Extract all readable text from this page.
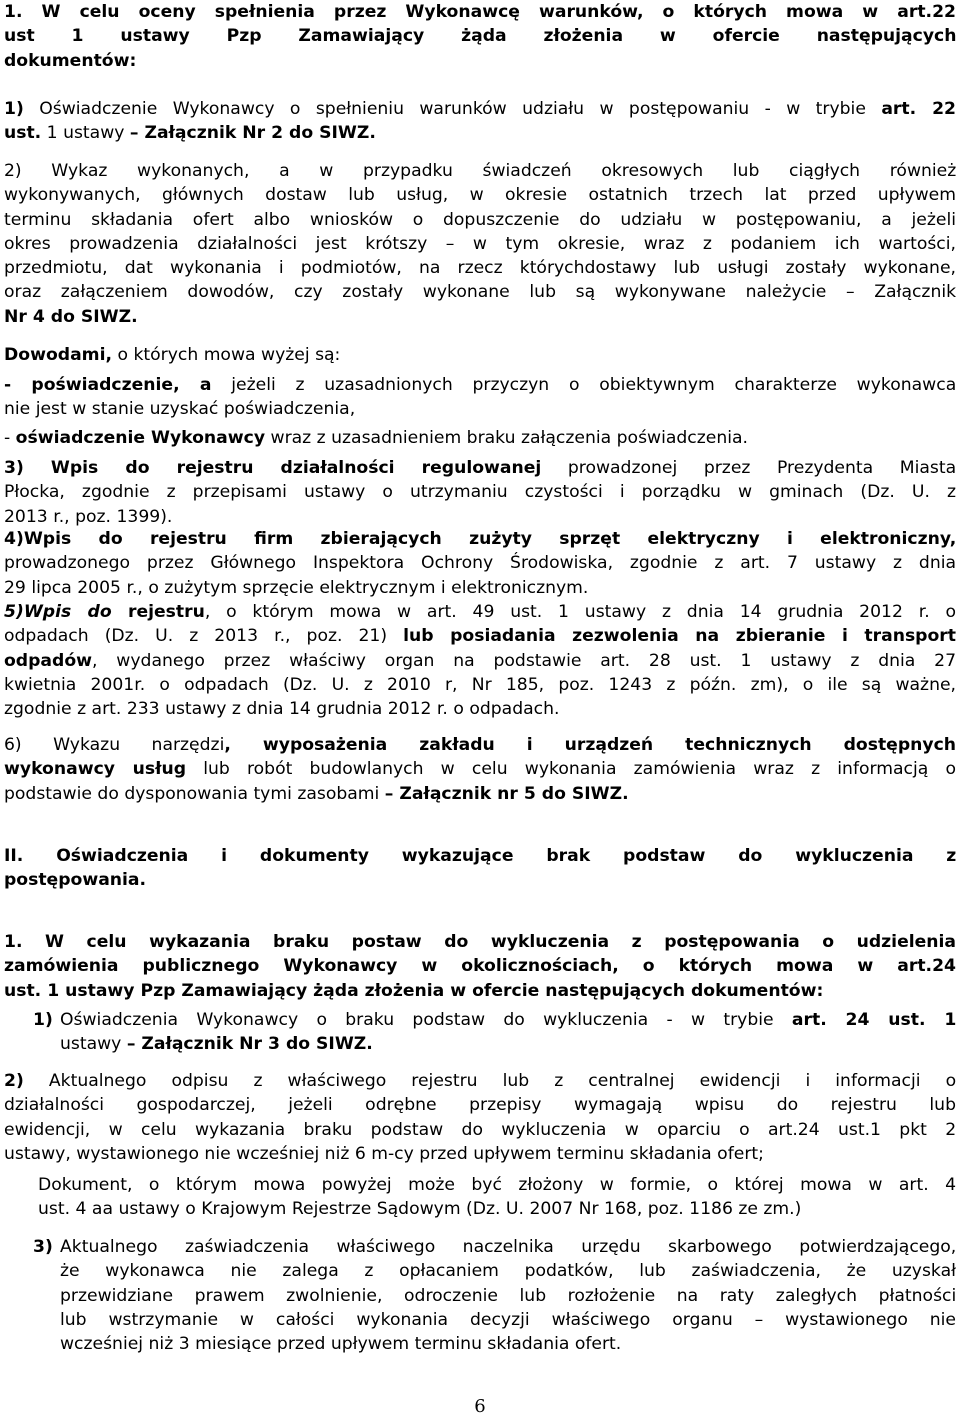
1. W celu oceny spełnienia przez Wykonawcę warunków, o których mowa w art.22
ust 1 ustawy Pzp Zamawiający żąda złożenia w ofercie następujących
dokumentów:
1) Oświadczenie Wykonawcy o spełnieniu warunków udziału w postępowaniu - w trybie art. 22
ust. 1 ustawy – Załącznik Nr 2 do SIWZ.
2) Wykaz wykonanych, a w przypadku świadczeń okresowych lub ciągłych również
wykonywanych, głównych dostaw lub usług, w okresie ostatnich trzech lat przed upływem
terminu składania ofert albo wniosków o dopuszczenie do udziału w postępowaniu, a jeżeli
okres prowadzenia działalności jest krótszy – w tym okresie, wraz z podaniem ich wartości,
przedmiotu, dat wykonania i podmiotów, na rzecz którychdostawy lub usługi zostały wykonane,
oraz załączeniem dowodów, czy zostały wykonane lub są wykonywane należycie – Załącznik
Nr 4 do SIWZ.
Dowodami, o których mowa wyżej są:
- poświadczenie, a jeżeli z uzasadnionych przyczyn o obiektywnym charakterze wykonawca
nie jest w stanie uzyskać poświadczenia,
- oświadczenie Wykonawcy wraz z uzasadnieniem braku załączenia poświadczenia.
3) Wpis do rejestru działalności regulowanej prowadzonej przez Prezydenta Miasta
Płocka, zgodnie z przepisami ustawy o utrzymaniu czystości i porządku w gminach (Dz. U. z
2013 r., poz. 1399).
4)Wpis do rejestru firm zbierających zużyty sprzęt elektryczny i elektroniczny,
prowadzonego przez Głównego Inspektora Ochrony Środowiska, zgodnie z art. 7 ustawy z dnia
29 lipca 2005 r., o zużytym sprzęcie elektrycznym i elektronicznym.
5)Wpis do rejestru, o którym mowa w art. 49 ust. 1 ustawy z dnia 14 grudnia 2012 r. o
odpadach (Dz. U. z 2013 r., poz. 21) lub posiadania zezwolenia na zbieranie i transport
odpadów, wydanego przez właściwy organ na podstawie art. 28 ust. 1 ustawy z dnia 27
kwietnia 2001r. o odpadach (Dz. U. z 2010 r, Nr 185, poz. 1243 z późn. zm), o ile są ważne,
zgodnie z art. 233 ustawy z dnia 14 grudnia 2012 r. o odpadach.
6) Wykazu narzędzi, wyposażenia zakładu i urządzeń technicznych dostępnych
wykonawcy usług lub robót budowlanych w celu wykonania zamówienia wraz z informacją o
podstawie do dysponowania tymi zasobami – Załącznik nr 5 do SIWZ.
II. Oświadczenia i dokumenty wykazujące brak podstaw do wykluczenia z
postępowania.
1. W celu wykazania braku postaw do wykluczenia z postępowania o udzielenia
zamówienia publicznego Wykonawcy w okolicznościach, o których mowa w art.24
ust. 1 ustawy Pzp Zamawiający żąda złożenia w ofercie następujących dokumentów:
1) Oświadczenia Wykonawcy o braku podstaw do wykluczenia - w trybie art. 24 ust. 1
ustawy – Załącznik Nr 3 do SIWZ.
2) Aktualnego odpisu z właściwego rejestru lub z centralnej ewidencji i informacji o
działalności gospodarczej, jeżeli odrębne przepisy wymagają wpisu do rejestru lub
ewidencji, w celu wykazania braku podstaw do wykluczenia w oparciu o art.24 ust.1 pkt 2
ustawy, wystawionego nie wcześniej niż 6 m-cy przed upływem terminu składania ofert;
Dokument, o którym mowa powyżej może być złożony w formie, o której mowa w art. 4
ust. 4 aa ustawy o Krajowym Rejestrze Sądowym (Dz. U. 2007 Nr 168, poz. 1186 ze zm.)
3) Aktualnego zaświadczenia właściwego naczelnika urzędu skarbowego potwierdzającego,
że wykonawca nie zalega z opłacaniem podatków, lub zaświadczenia, że uzyskał
przewidziane prawem zwolnienie, odroczenie lub rozłożenie na raty zaległych płatności
lub wstrzymanie w całości wykonania decyzji właściwego organu – wystawionego nie
wcześniej niż 3 miesiące przed upływem terminu składania ofert.
6
